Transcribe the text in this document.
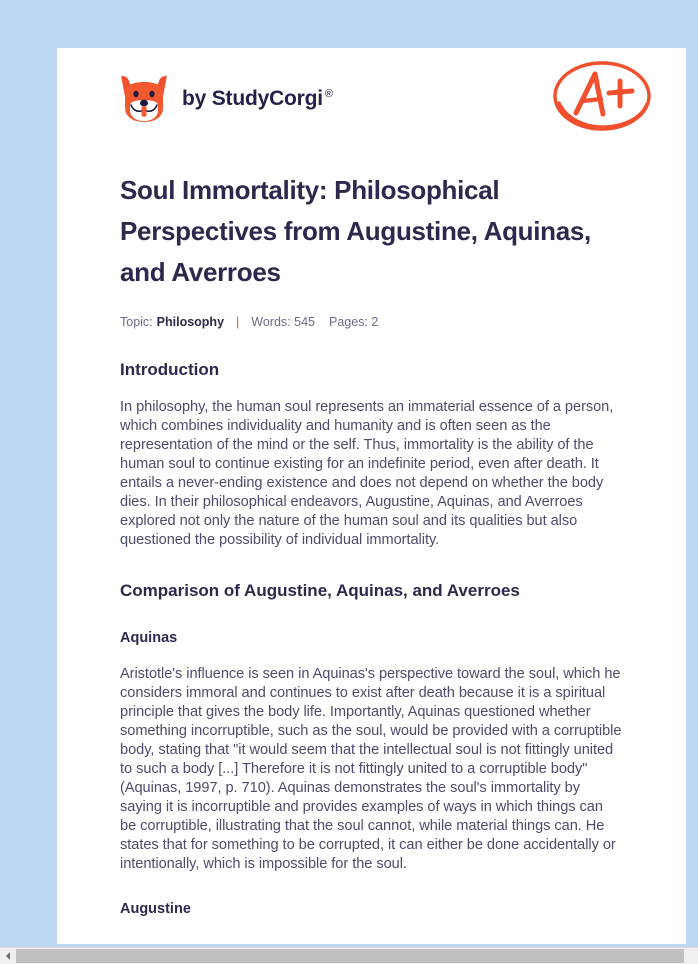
by StudyCorgi ®
Soul Immortality: Philosophical Perspectives from Augustine, Aquinas, and Averroes
Topic: Philosophy | Words: 545 Pages: 2
Introduction

In philosophy, the human soul represents an immaterial essence of a person, which combines individuality and humanity and is often seen as the representation of the mind or the self. Thus, immortality is the ability of the human soul to continue existing for an indefinite period, even after death. It entails a never-ending existence and does not depend on whether the body dies. In their philosophical endeavors, Augustine, Aquinas, and Averroes explored not only the nature of the human soul and its qualities but also questioned the possibility of individual immortality.

Comparison of Augustine, Aquinas, and Averroes
Aquinas

Aristotle's influence is seen in Aquinas's perspective toward the soul, which he considers immoral and continues to exist after death because it is a spiritual principle that gives the body life. Importantly, Aquinas questioned whether something incorruptible, such as the soul, would be provided with a corruptible body, stating that "it would seem that the intellectual soul is not fittingly united to such a body [...] Therefore it is not fittingly united to a corruptible body" (Aquinas, 1997, p. 710). Aquinas demonstrates the soul's immortality by saying it is incorruptible and provides examples of ways in which things can be corruptible, illustrating that the soul cannot, while material things can. He states that for something to be corrupted, it can either be done accidentally or intentionally, which is impossible for the soul.

Augustine
